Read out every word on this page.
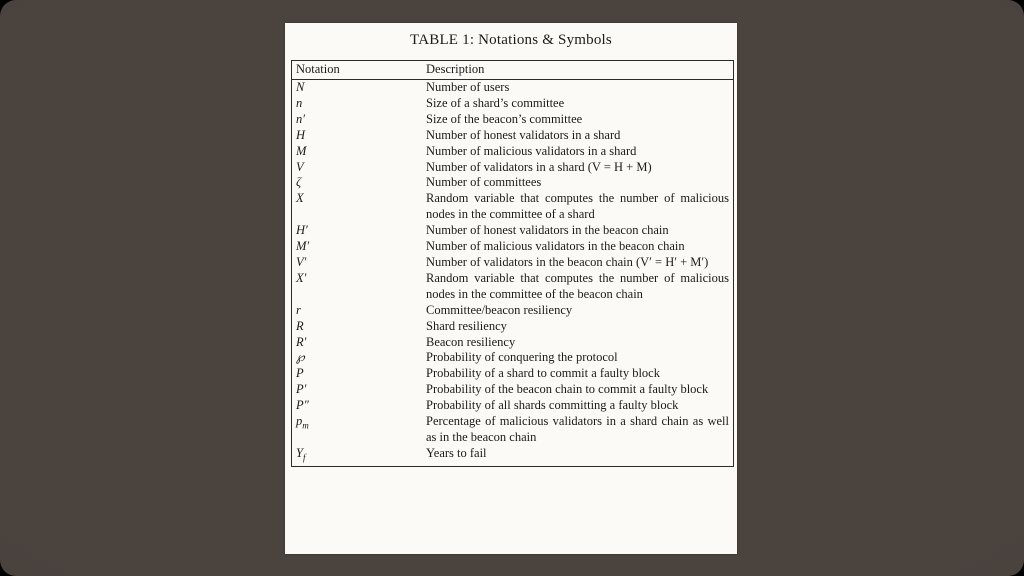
TABLE 1: Notations & Symbols
Notation	Description
N	Number of users
n	Size of a shard’s committee
n′	Size of the beacon’s committee
H	Number of honest validators in a shard
M	Number of malicious validators in a shard
V	Number of validators in a shard (V = H + M)
ζ	Number of committees
X	Random variable that computes the number of malicious nodes in the committee of a shard
H′	Number of honest validators in the beacon chain
M′	Number of malicious validators in the beacon chain
V′	Number of validators in the beacon chain (V′ = H′ + M′)
X′	Random variable that computes the number of malicious nodes in the committee of the beacon chain
r	Committee/beacon resiliency
R	Shard resiliency
R′	Beacon resiliency
℘	Probability of conquering the protocol
P	Probability of a shard to commit a faulty block
P′	Probability of the beacon chain to commit a faulty block
P″	Probability of all shards committing a faulty block
$p_m$	Percentage of malicious validators in a shard chain as well as in the beacon chain
$Y_f$	Years to fail
